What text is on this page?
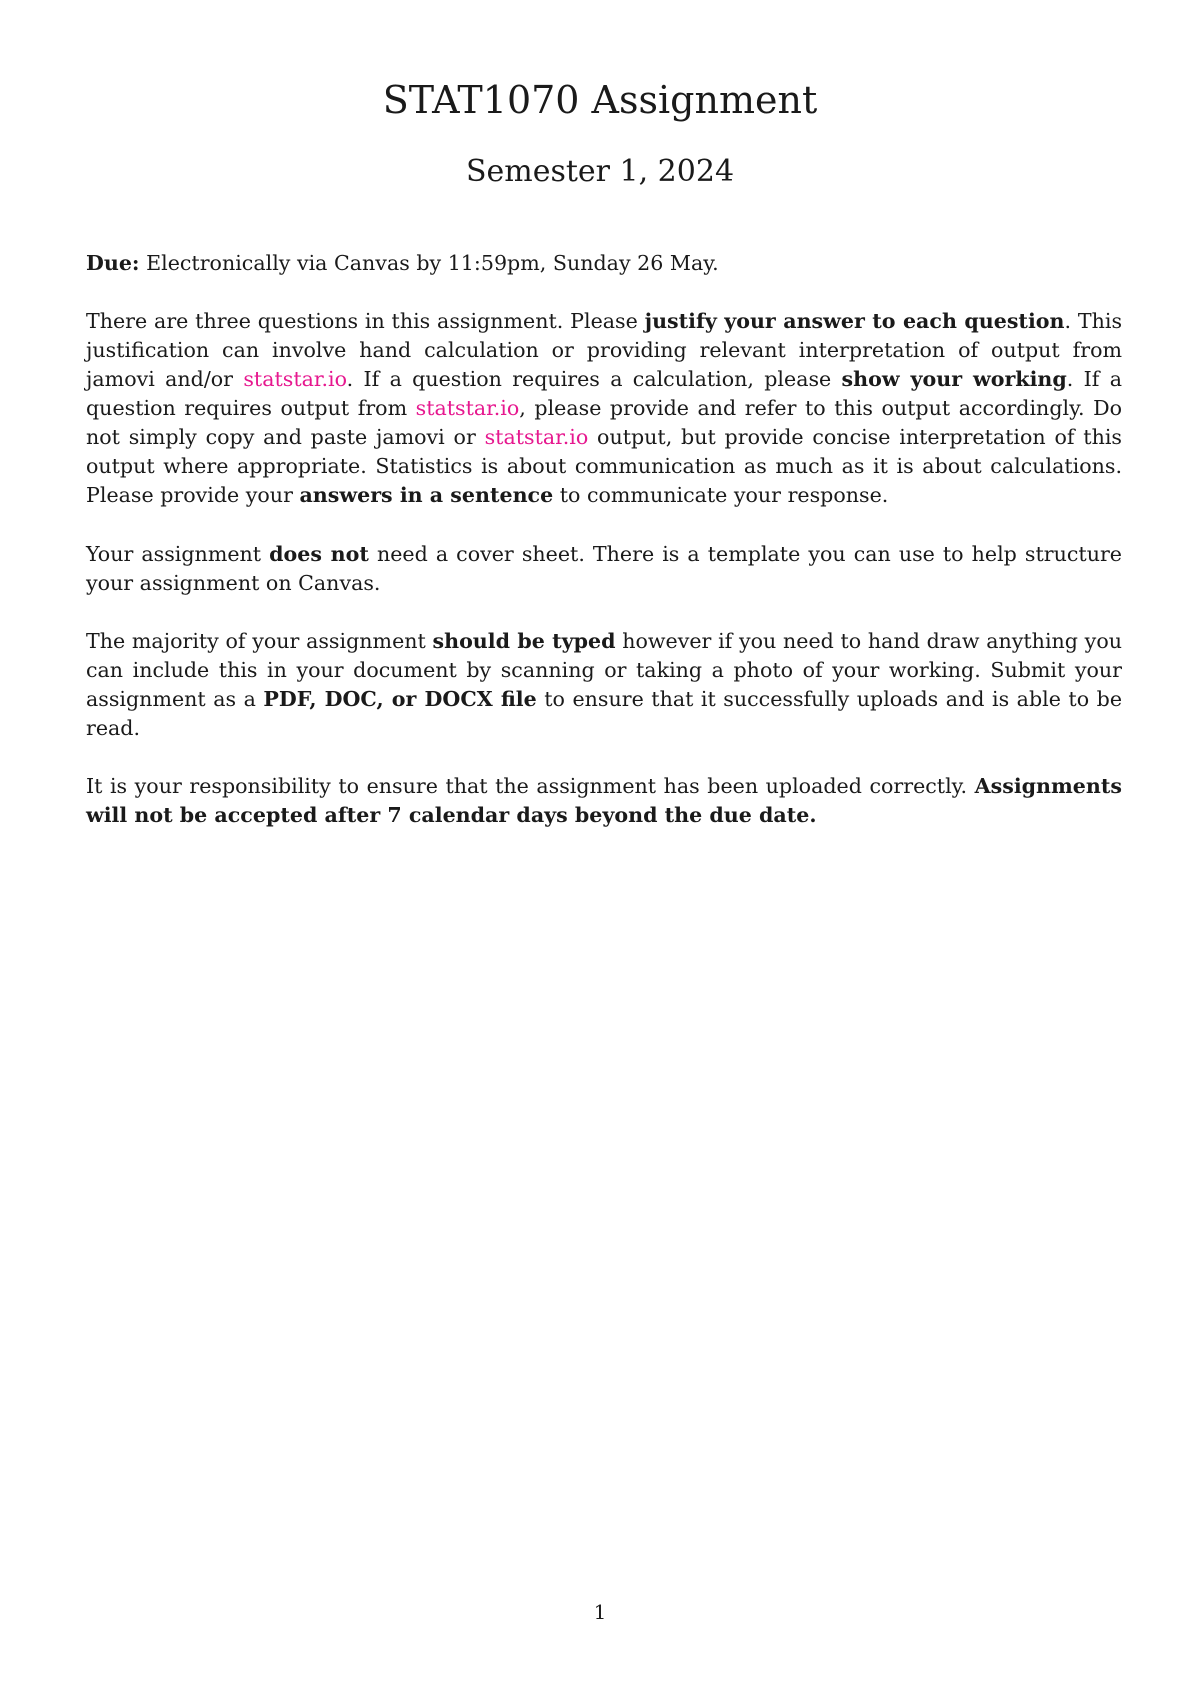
STAT1070 Assignment
Semester 1, 2024

Due: Electronically via Canvas by 11:59pm, Sunday 26 May.

There are three questions in this assignment. Please justify your answer to each question. This justification can involve hand calculation or providing relevant interpretation of output from jamovi and/or statstar.io. If a question requires a calculation, please show your working. If a question requires output from statstar.io, please provide and refer to this output accordingly. Do not simply copy and paste jamovi or statstar.io output, but provide concise interpretation of this output where appropriate. Statistics is about communication as much as it is about calculations. Please provide your answers in a sentence to communicate your response.

Your assignment does not need a cover sheet. There is a template you can use to help structure your assignment on Canvas.

The majority of your assignment should be typed however if you need to hand draw anything you can include this in your document by scanning or taking a photo of your working. Submit your assignment as a PDF, DOC, or DOCX file to ensure that it successfully uploads and is able to be read.

It is your responsibility to ensure that the assignment has been uploaded correctly. Assignments will not be accepted after 7 calendar days beyond the due date.

1
